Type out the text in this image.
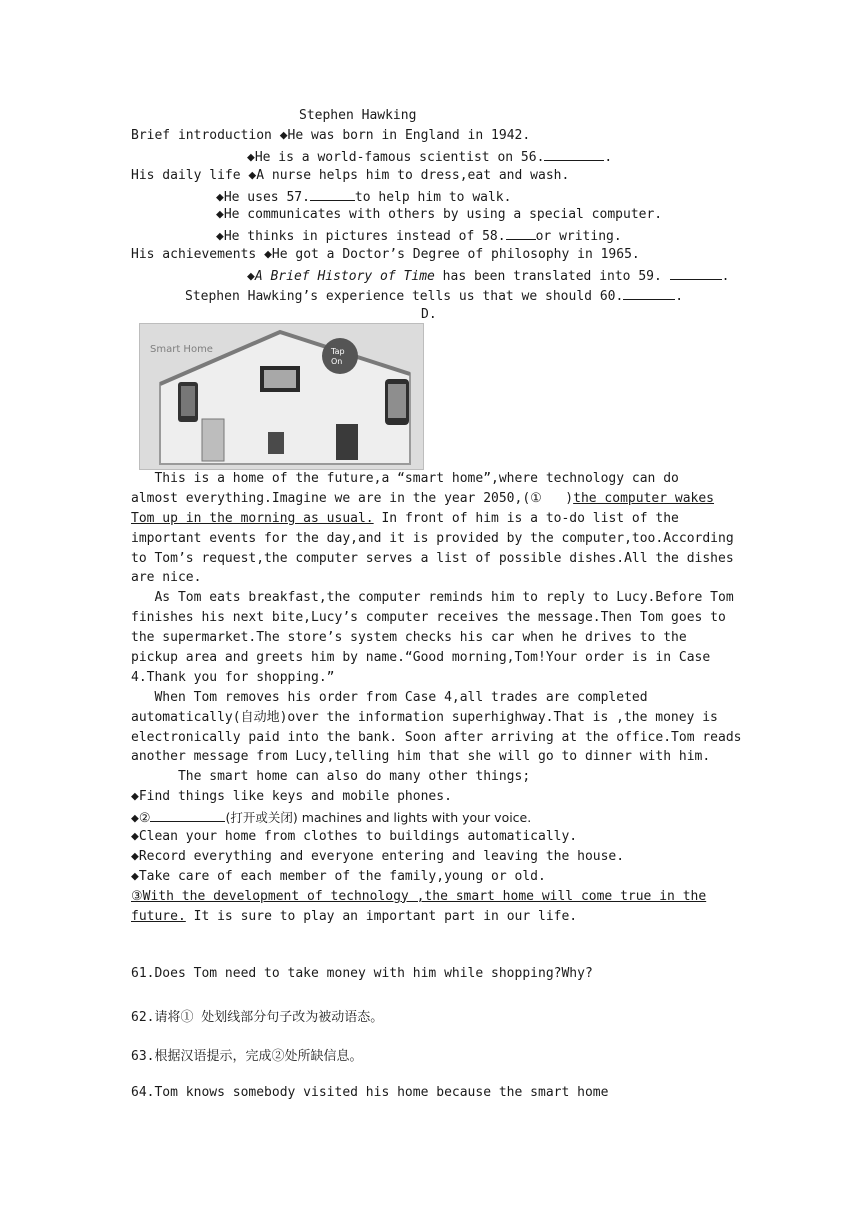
Stephen Hawking
Brief introduction ◆He was born in England in 1942.
◆He is a world-famous scientist on 56.	.
His daily life ◆A nurse helps him to dress,eat and wash.
◆He uses 57.	to help him to walk.
◆He communicates with others by using a special computer.
◆He thinks in pictures instead of 58. or writing.
His achievements ◆He got a Doctor’s Degree of philosophy in 1965.
◆A Brief History of Time has been translated into 59.	.
Stephen Hawking’s experience tells us that we should 60.	.
D.
Tap
On
Smart Home
This is a home of the future,a “smart home”,where technology can do
almost everything.Imagine we are in the year 2050,(①   )the computer wakes
Tom up in the morning as usual. In front of him is a to-do list of the
important events for the day,and it is provided by the computer,too.According
to Tom’s request,the computer serves a list of possible dishes.All the dishes
are nice.
As Tom eats breakfast,the computer reminds him to reply to Lucy.Before Tom
finishes his next bite,Lucy’s computer receives the message.Then Tom goes to
the supermarket.The store’s system checks his car when he drives to the
pickup area and greets him by name.“Good morning,Tom!Your order is in Case
4.Thank you for shopping.”
When Tom removes his order from Case 4,all trades are completed
automatically(自动地)over the information superhighway.That is ,the money is
electronically paid into the bank. Soon after arriving at the office.Tom reads
another message from Lucy,telling him that she will go to dinner with him.
The smart home can also do many other things;
◆Find things like keys and mobile phones.
◆②	(打开或关闭) machines and lights with your voice.
◆Clean your home from clothes to buildings automatically.
◆Record everything and everyone entering and leaving the house.
◆Take care of each member of the family,young or old.
③With the development of technology ,the smart home will come true in the
future. It is sure to play an important part in our life.
61.Does Tom need to take money with him while shopping?Why?
62.请将① 处划线部分句子改为被动语态。
63.根据汉语提示，完成②处所缺信息。
64.Tom knows somebody visited his home because the smart home
